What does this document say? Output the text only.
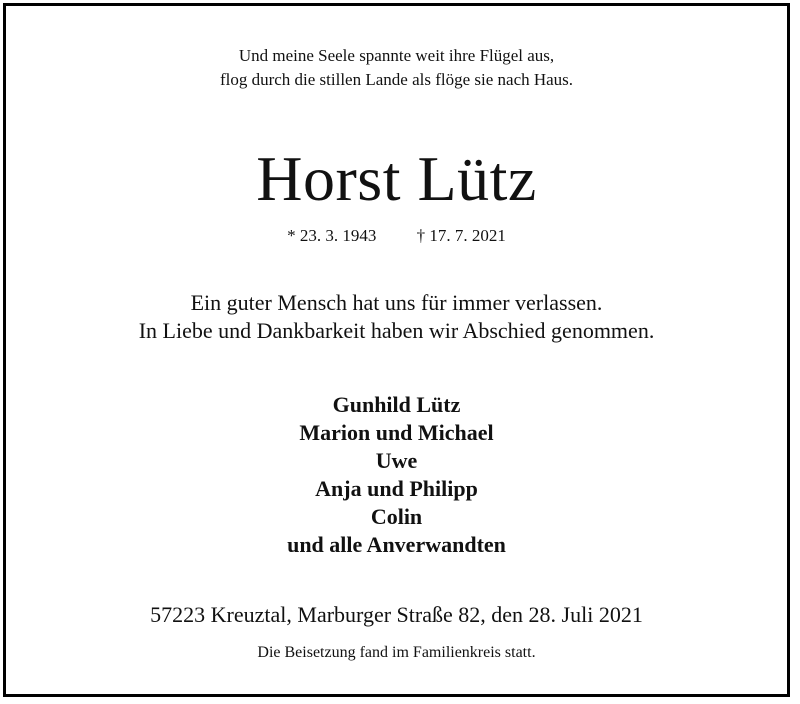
Und meine Seele spannte weit ihre Flügel aus,
flog durch die stillen Lande als flöge sie nach Haus.
Horst Lütz
* 23. 3. 1943 † 17. 7. 2021
Ein guter Mensch hat uns für immer verlassen.
In Liebe und Dankbarkeit haben wir Abschied genommen.
Gunhild Lütz
Marion und Michael
Uwe
Anja und Philipp
Colin
und alle Anverwandten
57223 Kreuztal, Marburger Straße 82, den 28. Juli 2021
Die Beisetzung fand im Familienkreis statt.
